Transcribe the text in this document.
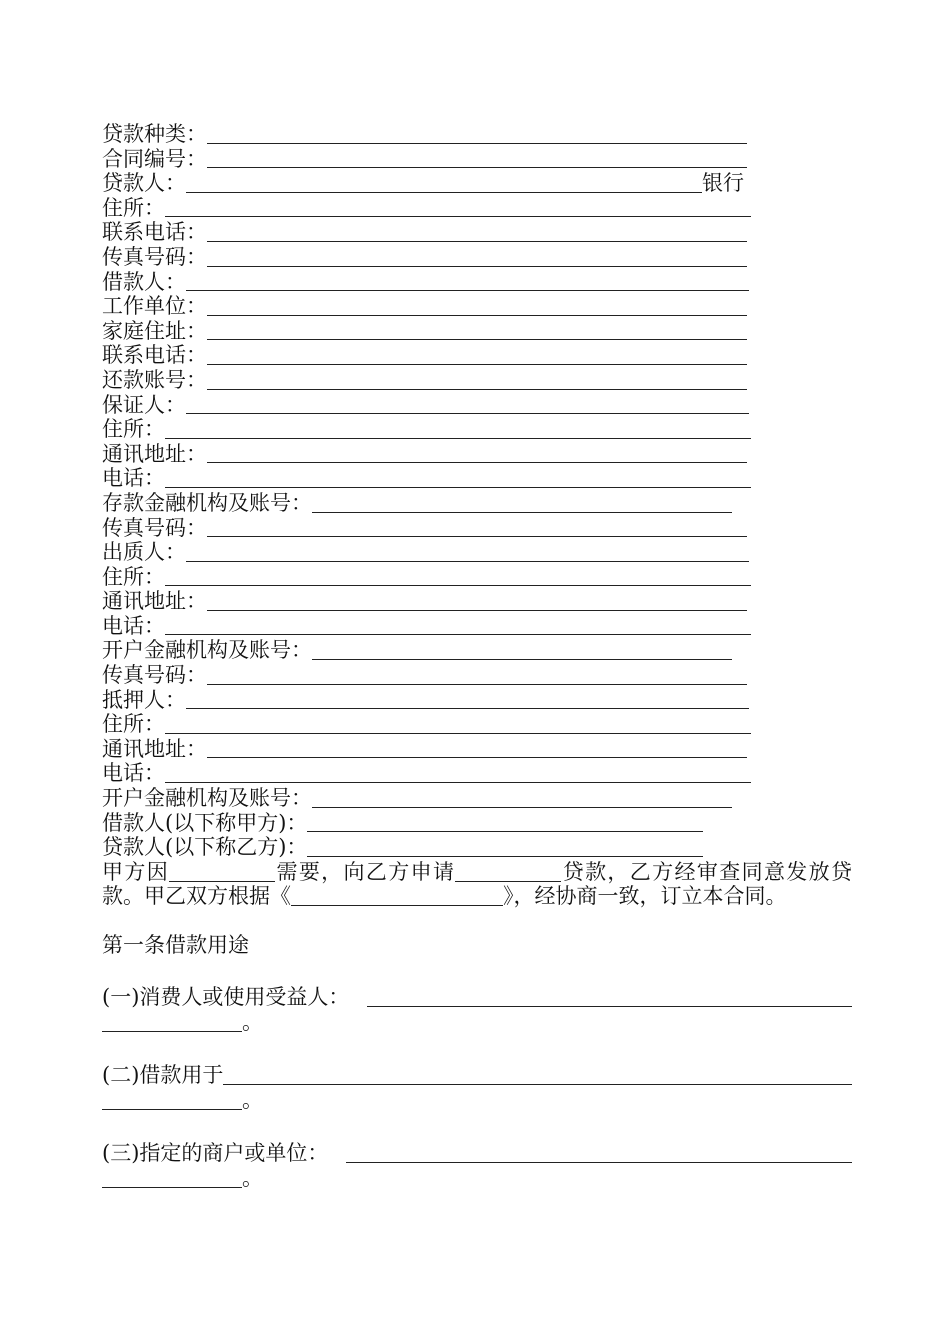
贷款种类：
合同编号：
贷款人：	银行
住所：
联系电话：
传真号码：
借款人：
工作单位：
家庭住址：
联系电话：
还款账号：
保证人：
住所：
通讯地址：
电话：
存款金融机构及账号：
传真号码：
出质人：
住所：
通讯地址：
电话：
开户金融机构及账号：
传真号码：
抵押人：
住所：
通讯地址：
电话：
开户金融机构及账号：
借款人(以下称甲方)：
贷款人(以下称乙方)：

甲方因	需要，向乙方申请	贷款，乙方经审查同意发放贷款。甲乙双方根据《	》，经协商一致，订立本合同。

第一条借款用途

(一)消费人或使用受益人：
。
(二)借款用于
。
(三)指定的商户或单位：
。
